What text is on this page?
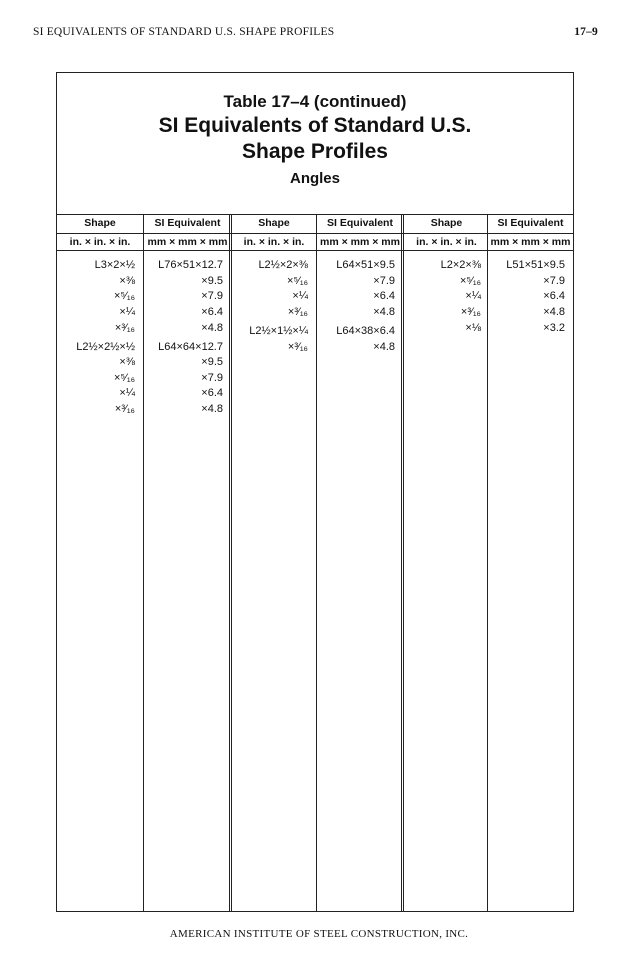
SI EQUIVALENTS OF STANDARD U.S. SHAPE PROFILES	17–9
Table 17–4 (continued)
SI Equivalents of Standard U.S.
Shape Profiles
Angles
Shape
in. × in. × in.
L3×2×½
×⅜
×⁵⁄₁₆
×¼
×³⁄₁₆
L2½×2½×½
×⅜
×⁵⁄₁₆
×¼
×³⁄₁₆
SI Equivalent
mm × mm × mm
L76×51×12.7
×9.5
×7.9
×6.4
×4.8
L64×64×12.7
×9.5
×7.9
×6.4
×4.8
Shape
in. × in. × in.
L2½×2×⅜
×⁵⁄₁₆
×¼
×³⁄₁₆
L2½×1½×¼
×³⁄₁₆
SI Equivalent
mm × mm × mm
L64×51×9.5
×7.9
×6.4
×4.8
L64×38×6.4
×4.8
Shape
in. × in. × in.
L2×2×⅜
×⁵⁄₁₆
×¼
×³⁄₁₆
×⅛
SI Equivalent
mm × mm × mm
L51×51×9.5
×7.9
×6.4
×4.8
×3.2
AMERICAN INSTITUTE OF STEEL CONSTRUCTION, INC.
